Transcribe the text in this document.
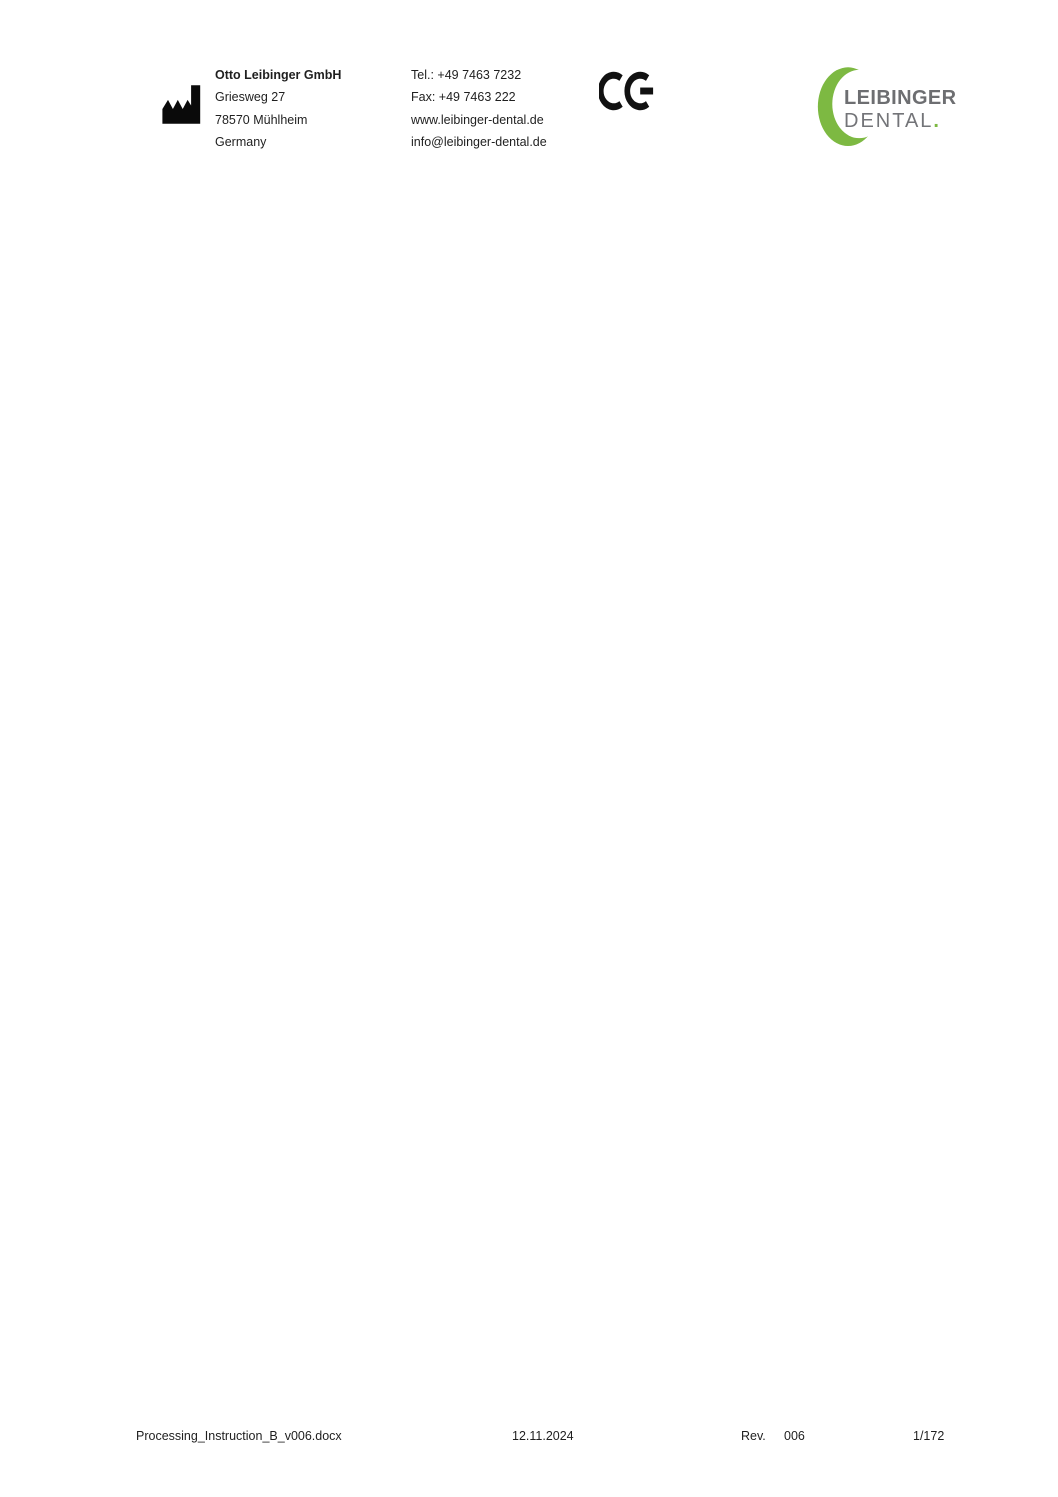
Otto Leibinger GmbH
Griesweg 27
78570 Mühlheim
Germany
Tel.: +49 7463 7232
Fax: +49 7463 222
www.leibinger-dental.de
info@leibinger-dental.de
LEIBINGER
DENTAL.
Processing_Instruction_B_v006.docx	12.11.2024	Rev. 006	1/172
